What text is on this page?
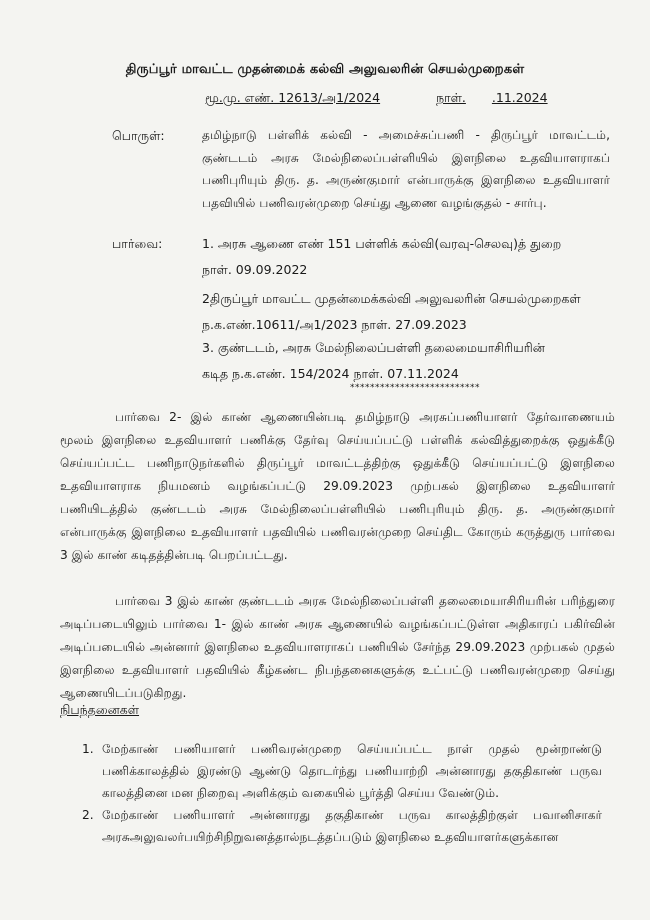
திருப்பூர் மாவட்ட முதன்மைக் கல்வி அலுவலரின் செயல்முறைகள்
மூ.மு. எண். 12613/அ1/2024	நாள். .11.2024
பொருள்:	தமிழ்நாடு பள்ளிக் கல்வி - அமைச்சுப்பணி - திருப்பூர் மாவட்டம், குண்டடம் அரசு மேல்நிலைப்பள்ளியில் இளநிலை உதவியாளராகப் பணிபுரியும் திரு. த. அருண்குமார் என்பாருக்கு இளநிலை உதவியாளர் பதவியில் பணிவரன்முறை செய்து ஆணை வழங்குதல் - சார்பு.
பார்வை:	1. அரசு ஆணை எண் 151 பள்ளிக் கல்வி(வரவு-செலவு)த் துறை
நாள். 09.09.2022
2திருப்பூர் மாவட்ட முதன்மைக்கல்வி அலுவலரின் செயல்முறைகள்
ந.க.எண்.10611/அ1/2023 நாள். 27.09.2023
3. குண்டடம், அரசு மேல்நிலைப்பள்ளி தலைமையாசிரியரின்
கடித ந.க.எண். 154/2024 நாள். 07.11.2024
**************************
பார்வை 2- இல் காண் ஆணையின்படி தமிழ்நாடு அரசுப்பணியாளர் தேர்வாணையம் மூலம் இளநிலை உதவியாளர் பணிக்கு தேர்வு செய்யப்பட்டு பள்ளிக் கல்வித்துறைக்கு ஒதுக்கீடு செய்யப்பட்ட பணிநாடுநர்களில் திருப்பூர் மாவட்டத்திற்கு ஒதுக்கீடு செய்யப்பட்டு இளநிலை உதவியாளராக நியமனம் வழங்கப்பட்டு 29.09.2023 முற்பகல் இளநிலை உதவியாளர் பணியிடத்தில் குண்டடம் அரசு மேல்நிலைப்பள்ளியில் பணிபுரியும் திரு. த. அருண்குமார் என்பாருக்கு இளநிலை உதவியாளர் பதவியில் பணிவரன்முறை செய்திட கோரும் கருத்துரு பார்வை 3 இல் காண் கடிதத்தின்படி பெறப்பட்டது.
பார்வை 3 இல் காண் குண்டடம் அரசு மேல்நிலைப்பள்ளி தலைமையாசிரியரின் பரிந்துரை அடிப்படையிலும் பார்வை 1- இல் காண் அரசு ஆணையில் வழங்கப்பட்டுள்ள அதிகாரப் பகிர்வின் அடிப்படையில் அன்னார் இளநிலை உதவியாளராகப் பணியில் சேர்ந்த 29.09.2023 முற்பகல் முதல் இளநிலை உதவியாளர் பதவியில் கீழ்கண்ட நிபந்தனைகளுக்கு உட்பட்டு பணிவரன்முறை செய்து ஆணையிடப்படுகிறது.
நிபந்தனைகள்
1. மேற்காண் பணியாளர் பணிவரன்முறை செய்யப்பட்ட நாள் முதல் மூன்றாண்டு பணிக்காலத்தில் இரண்டு ஆண்டு தொடர்ந்து பணியாற்றி அன்னாரது தகுதிகாண் பருவ காலத்தினை மன நிறைவு அளிக்கும் வகையில் பூர்த்தி செய்ய வேண்டும்.
2. மேற்காண் பணியாளர் அன்னாரது தகுதிகாண் பருவ காலத்திற்குள் பவானிசாகர் அரசுஅலுவலர்பயிற்சிநிறுவனத்தால்நடத்தப்படும் இளநிலை உதவியாளர்களுக்கான
